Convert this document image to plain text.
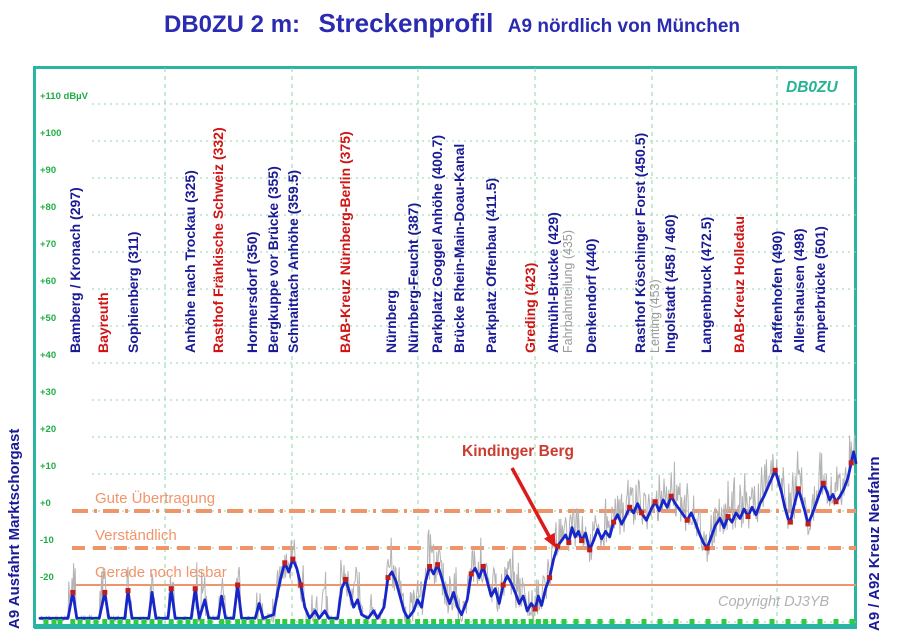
DB0ZU 2 m: Streckenprofil A9 nördlich von München
Gute Übertragung
Verständlich
Gerade noch lesbar
+110 dBµV
+100
+90
+80
+70
+60
+50
+40
+30
+20
+10
+0
-10
-20
Bamberg / Kronach (297) Bayreuth Sophienberg (311)	Anhöhe nach Trockau (325) Rasthof Fränkische Schweiz (332) Hormersdorf (350) Bergkuppe vor Brücke (355) Schnaittach Anhöhe (359.5)	BAB-Kreuz Nürnberg-Berlin (375) Nürnberg Nürnberg-Feucht (387) Parkplatz Goggel Anhöhe (400.7) Brücke Rhein-Main-Doau-Kanal Parkplatz Offenbau (411.5) Greding (423) Altmühl-Brücke (429) Fahrbahnteilung (435) Denkendorf (440) Rasthof Köschinger Forst (450.5) Lenting (453) Ingolstadt (458 / 460) Langenbruck (472.5) BAB-Kreuz Holledau Pfaffenhofen (490) Allershausen (498) Amperbrücke (501)
Kindinger Berg
Copyright DJ3YB
DB0ZU
A9 Ausfahrt Marktschorgast	A9 / A92 Kreuz Neufahrn
